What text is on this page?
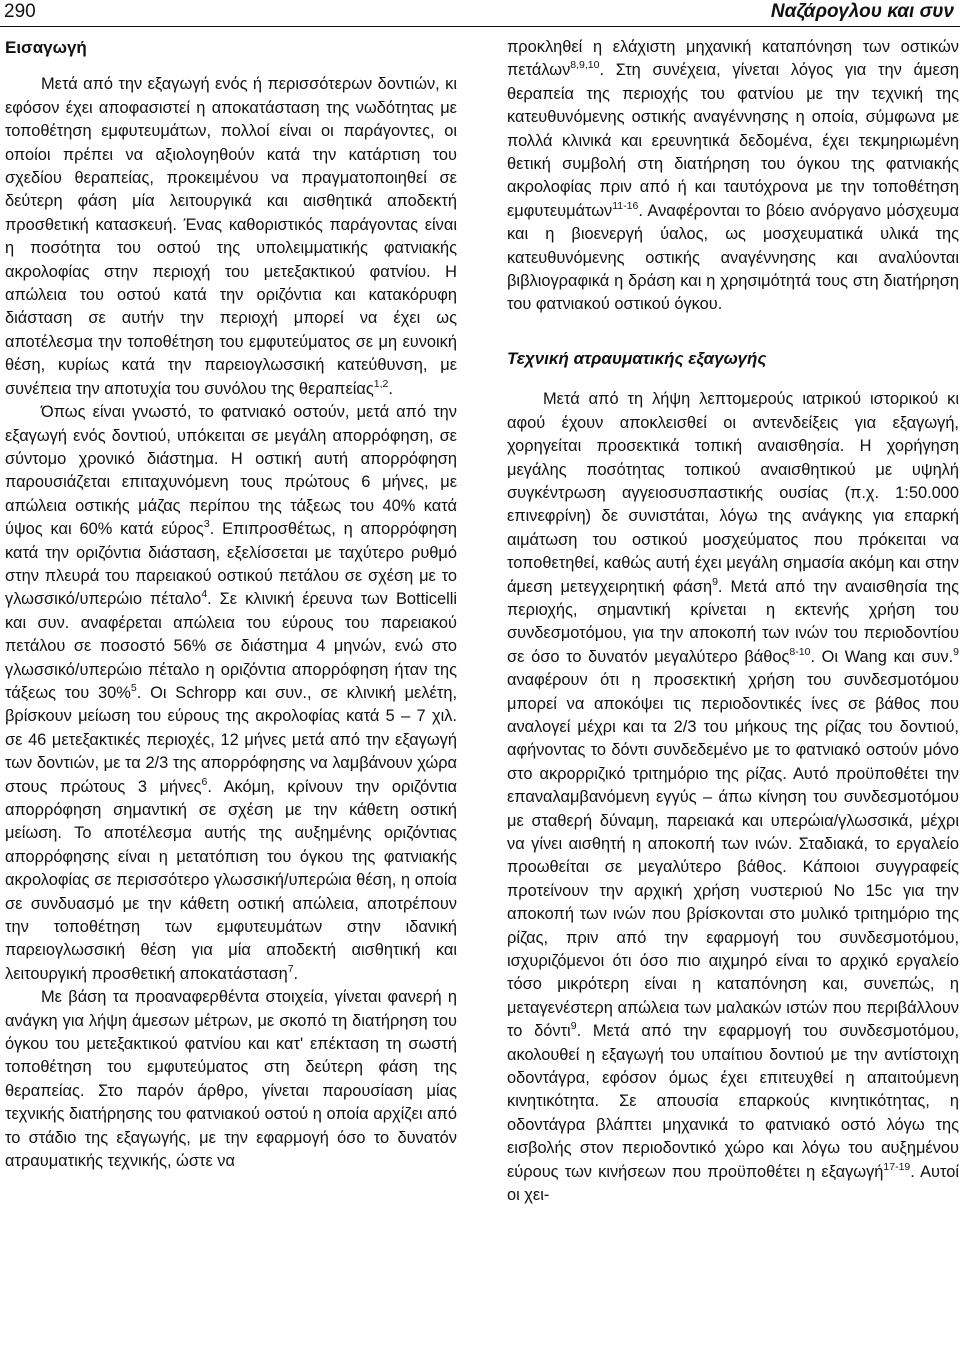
290	Ναζάρογλου και συν
Εισαγωγή

Μετά από την εξαγωγή ενός ή περισσότερων δοντιών, κι εφόσον έχει αποφασιστεί η αποκατάσταση της νωδότητας με τοποθέτηση εμφυτευμάτων, πολλοί είναι οι παράγοντες, οι οποίοι πρέπει να αξιολογηθούν κατά την κατάρτιση του σχεδίου θεραπείας, προκειμένου να πραγματοποιηθεί σε δεύτερη φάση μία λειτουργικά και αισθητικά αποδεκτή προσθετική κατασκευή. Ένας καθοριστικός παράγοντας είναι η ποσότητα του οστού της υπολειμματικής φατνιακής ακρολοφίας στην περιοχή του μετεξακτικού φατνίου. Η απώλεια του οστού κατά την οριζόντια και κατακόρυφη διάσταση σε αυτήν την περιοχή μπορεί να έχει ως αποτέλεσμα την τοποθέτηση του εμφυτεύματος σε μη ευνοική θέση, κυρίως κατά την παρειογλωσσική κατεύθυνση, με συνέπεια την αποτυχία του συνόλου της θεραπείας$^{1,2}$.

Όπως είναι γνωστό, το φατνιακό οστούν, μετά από την εξαγωγή ενός δοντιού, υπόκειται σε μεγάλη απορρόφηση, σε σύντομο χρονικό διάστημα. Η οστική αυτή απορρόφηση παρουσιάζεται επιταχυνόμενη τους πρώτους 6 μήνες, με απώλεια οστικής μάζας περίπου της τάξεως του 40% κατά ύψος και 60% κατά εύρος$^3$. Επιπροσθέτως, η απορρόφηση κατά την οριζόντια διάσταση, εξελίσσεται με ταχύτερο ρυθμό στην πλευρά του παρειακού οστικού πετάλου σε σχέση με το γλωσσικό/υπερώιο πέταλο$^4$. Σε κλινική έρευνα των Botticelli και συν. αναφέρεται απώλεια του εύρους του παρειακού πετάλου σε ποσοστό 56% σε διάστημα 4 μηνών, ενώ στο γλωσσικό/υπερώιο πέταλο η οριζόντια απορρόφηση ήταν της τάξεως του 30%$^5$. Οι Schropp και συν., σε κλινική μελέτη, βρίσκουν μείωση του εύρους της ακρολοφίας κατά 5 – 7 χιλ. σε 46 μετεξακτικές περιοχές, 12 μήνες μετά από την εξαγωγή των δοντιών, με τα 2/3 της απορρόφησης να λαμβάνουν χώρα στους πρώτους 3 μήνες$^6$. Ακόμη, κρίνουν την οριζόντια απορρόφηση σημαντική σε σχέση με την κάθετη οστική μείωση. Το αποτέλεσμα αυτής της αυξημένης οριζόντιας απορρόφησης είναι η μετατόπιση του όγκου της φατνιακής ακρολοφίας σε περισσότερο γλωσσική/υπερώια θέση, η οποία σε συνδυασμό με την κάθετη οστική απώλεια, αποτρέπουν την τοποθέτηση των εμφυτευμάτων στην ιδανική παρειογλωσσική θέση για μία αποδεκτή αισθητική και λειτουργική προσθετική αποκατάσταση$^7$.

Με βάση τα προαναφερθέντα στοιχεία, γίνεται φανερή η ανάγκη για λήψη άμεσων μέτρων, με σκοπό τη διατήρηση του όγκου του μετεξακτικού φατνίου και κατ' επέκταση τη σωστή τοποθέτηση του εμφυτεύματος στη δεύτερη φάση της θεραπείας. Στο παρόν άρθρο, γίνεται παρουσίαση μίας τεχνικής διατήρησης του φατνιακού οστού η οποία αρχίζει από το στάδιο της εξαγωγής, με την εφαρμογή όσο το δυνατόν ατραυματικής τεχνικής, ώστε να

προκληθεί η ελάχιστη μηχανική καταπόνηση των οστικών πετάλων$^{8,9,10}$. Στη συνέχεια, γίνεται λόγος για την άμεση θεραπεία της περιοχής του φατνίου με την τεχνική της κατευθυνόμενης οστικής αναγέννησης η οποία, σύμφωνα με πολλά κλινικά και ερευνητικά δεδομένα, έχει τεκμηριωμένη θετική συμβολή στη διατήρηση του όγκου της φατνιακής ακρολοφίας πριν από ή και ταυτόχρονα με την τοποθέτηση εμφυτευμάτων$^{11-16}$. Αναφέρονται το βόειο ανόργανο μόσχευμα και η βιοενεργή ύαλος, ως μοσχευματικά υλικά της κατευθυνόμενης οστικής αναγέννησης και αναλύονται βιβλιογραφικά η δράση και η χρησιμότητά τους στη διατήρηση του φατνιακού οστικού όγκου.

Τεχνική ατραυματικής εξαγωγής

Μετά από τη λήψη λεπτομερούς ιατρικού ιστορικού κι αφού έχουν αποκλεισθεί οι αντενδείξεις για εξαγωγή, χορηγείται προσεκτικά τοπική αναισθησία. Η χορήγηση μεγάλης ποσότητας τοπικού αναισθητικού με υψηλή συγκέντρωση αγγειοσυσπαστικής ουσίας (π.χ. 1:50.000 επινεφρίνη) δε συνιστάται, λόγω της ανάγκης για επαρκή αιμάτωση του οστικού μοσχεύματος που πρόκειται να τοποθετηθεί, καθώς αυτή έχει μεγάλη σημασία ακόμη και στην άμεση μετεγχειρητική φάση$^9$. Μετά από την αναισθησία της περιοχής, σημαντική κρίνεται η εκτενής χρήση του συνδεσμοτόμου, για την αποκοπή των ινών του περιοδοντίου σε όσο το δυνατόν μεγαλύτερο βάθος$^{8-10}$. Οι Wang και συν.$^9$ αναφέρουν ότι η προσεκτική χρήση του συνδεσμοτόμου μπορεί να αποκόψει τις περιοδοντικές ίνες σε βάθος που αναλογεί μέχρι και τα 2/3 του μήκους της ρίζας του δοντιού, αφήνοντας το δόντι συνδεδεμένο με το φατνιακό οστούν μόνο στο ακρορριζικό τριτημόριο της ρίζας. Αυτό προϋποθέτει την επαναλαμβανόμενη εγγύς – άπω κίνηση του συνδεσμοτόμου με σταθερή δύναμη, παρειακά και υπερώια/γλωσσικά, μέχρι να γίνει αισθητή η αποκοπή των ινών. Σταδιακά, το εργαλείο προωθείται σε μεγαλύτερο βάθος. Κάποιοι συγγραφείς προτείνουν την αρχική χρήση νυστεριού Νο 15c για την αποκοπή των ινών που βρίσκονται στο μυλικό τριτημόριο της ρίζας, πριν από την εφαρμογή του συνδεσμοτόμου, ισχυριζόμενοι ότι όσο πιο αιχμηρό είναι το αρχικό εργαλείο τόσο μικρότερη είναι η καταπόνηση και, συνεπώς, η μεταγενέστερη απώλεια των μαλακών ιστών που περιβάλλουν το δόντι$^9$. Μετά από την εφαρμογή του συνδεσμοτόμου, ακολουθεί η εξαγωγή του υπαίτιου δοντιού με την αντίστοιχη οδοντάγρα, εφόσον όμως έχει επιτευχθεί η απαιτούμενη κινητικότητα. Σε απουσία επαρκούς κινητικότητας, η οδοντάγρα βλάπτει μηχανικά το φατνιακό οστό λόγω της εισβολής στον περιοδοντικό χώρο και λόγω του αυξημένου εύρους των κινήσεων που προϋποθέτει η εξαγωγή$^{17-19}$. Αυτοί οι χει-
